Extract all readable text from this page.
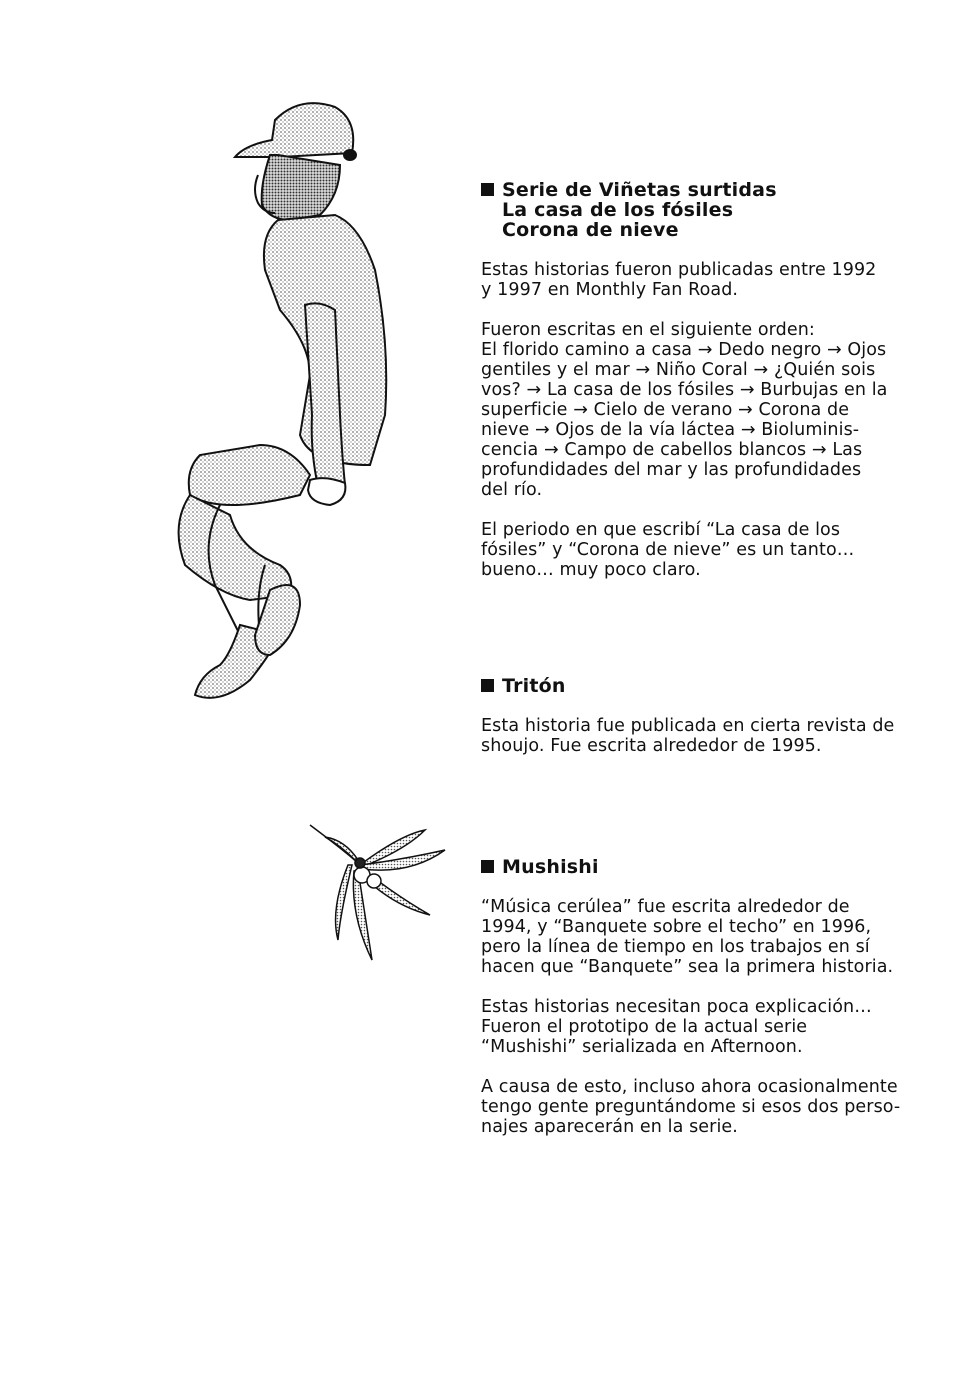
Serie de Viñetas surtidas
La casa de los fósiles
Corona de nieve

Estas historias fueron publicadas entre 1992
y 1997 en Monthly Fan Road.

Fueron escritas en el siguiente orden:
El florido camino a casa → Dedo negro → Ojos
gentiles y el mar → Niño Coral → ¿Quién sois
vos? → La casa de los fósiles → Burbujas en la
superficie → Cielo de verano → Corona de
nieve → Ojos de la vía láctea → Bioluminis-
cencia → Campo de cabellos blancos → Las
profundidades del mar y las profundidades
del río.

El periodo en que escribí “La casa de los
fósiles” y “Corona de nieve” es un tanto…
bueno… muy poco claro.

Tritón

Esta historia fue publicada en cierta revista de
shoujo. Fue escrita alrededor de 1995.

Mushishi

“Música cerúlea” fue escrita alrededor de
1994, y “Banquete sobre el techo” en 1996,
pero la línea de tiempo en los trabajos en sí
hacen que “Banquete” sea la primera historia.

Estas historias necesitan poca explicación…
Fueron el prototipo de la actual serie
“Mushishi” serializada en Afternoon.

A causa de esto, incluso ahora ocasionalmente
tengo gente preguntándome si esos dos perso-
najes aparecerán en la serie.
